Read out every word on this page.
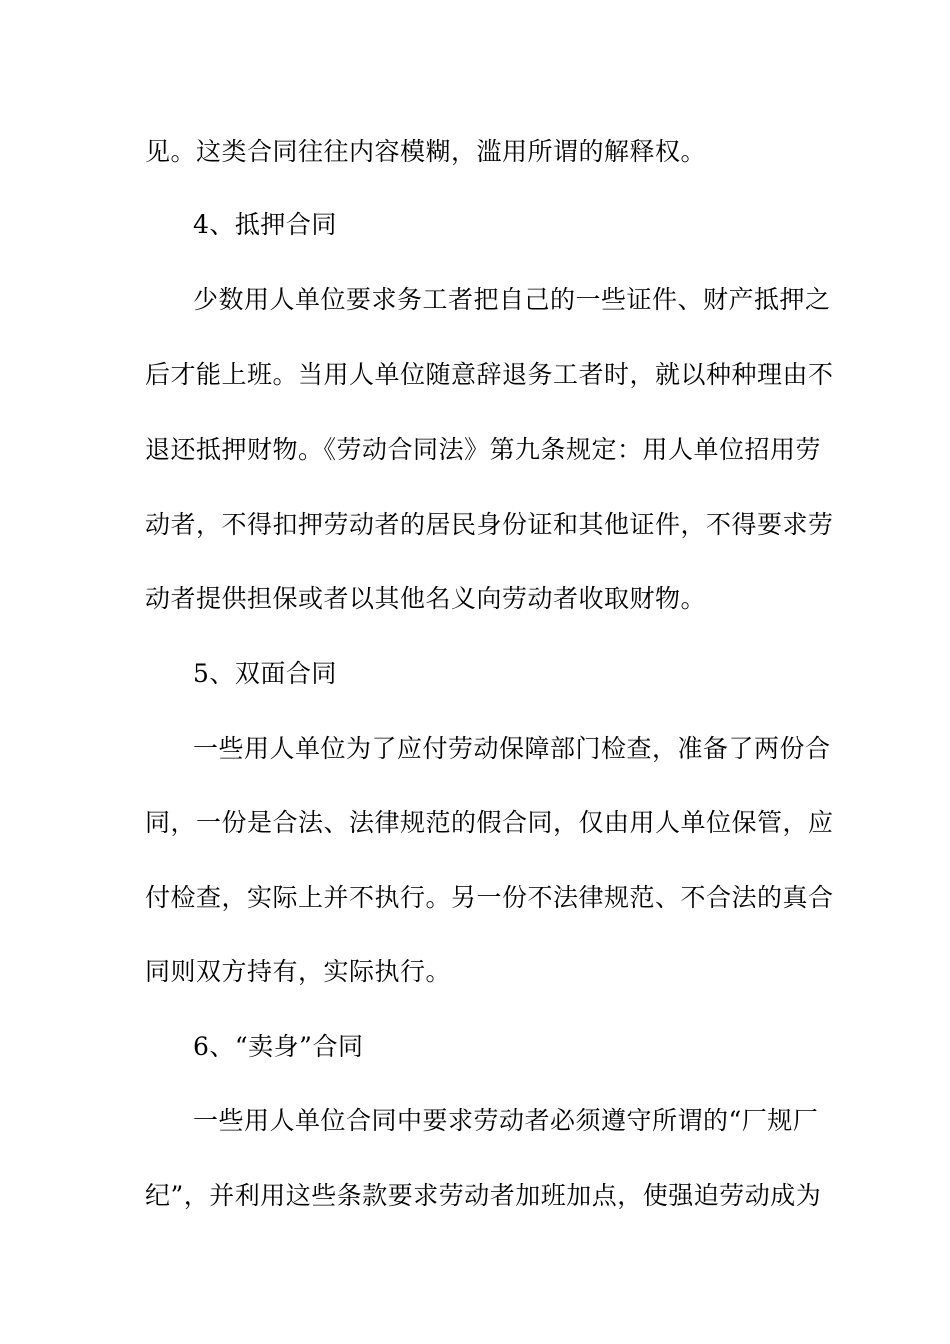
见。这类合同往往内容模糊，滥用所谓的解释权。
4、抵押合同
少数用人单位要求务工者把自己的一些证件、财产抵押之
后才能上班。当用人单位随意辞退务工者时，就以种种理由不
退还抵押财物。《劳动合同法》第九条规定：用人单位招用劳
动者，不得扣押劳动者的居民身份证和其他证件，不得要求劳
动者提供担保或者以其他名义向劳动者收取财物。
5、双面合同
一些用人单位为了应付劳动保障部门检查，准备了两份合
同，一份是合法、法律规范的假合同，仅由用人单位保管，应
付检查，实际上并不执行。另一份不法律规范、不合法的真合
同则双方持有，实际执行。
6、“卖身”合同
一些用人单位合同中要求劳动者必须遵守所谓的“厂规厂
纪”，并利用这些条款要求劳动者加班加点，使强迫劳动成为
